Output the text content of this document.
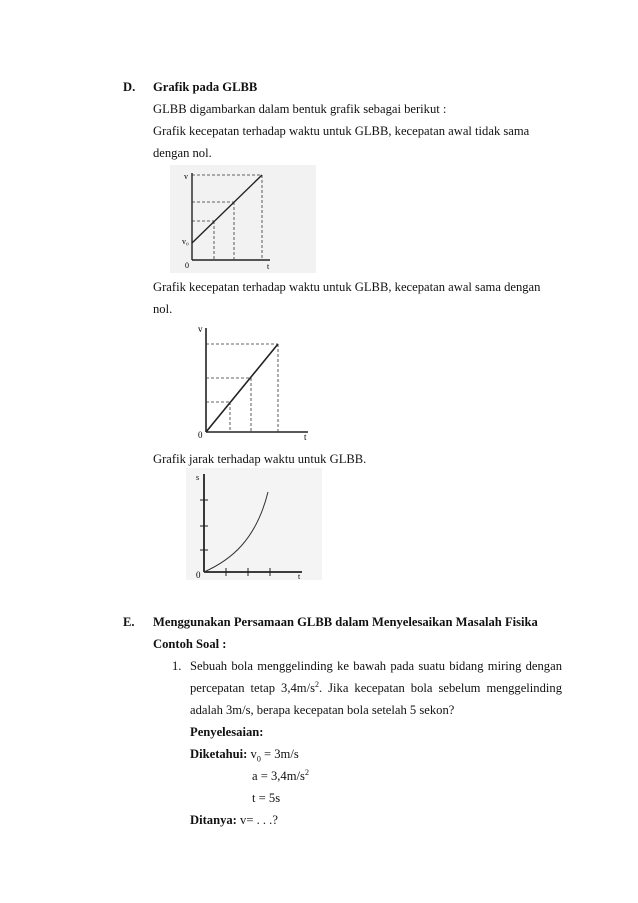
D. Grafik pada GLBB
GLBB digambarkan dalam bentuk grafik sebagai berikut :
Grafik kecepatan terhadap waktu untuk GLBB, kecepatan awal tidak sama
dengan nol.
v
v₀
0	t
Grafik kecepatan terhadap waktu untuk GLBB, kecepatan awal sama dengan
nol.
v
0	t
Grafik jarak terhadap waktu untuk GLBB.
s
0	t
E. Menggunakan Persamaan GLBB dalam Menyelesaikan Masalah Fisika
Contoh Soal :
1. Sebuah bola menggelinding ke bawah pada suatu bidang miring dengan
percepatan tetap $3,4m/s^2$. Jika kecepatan bola sebelum menggelinding
adalah 3m/s, berapa kecepatan bola setelah 5 sekon?
Penyelesaian:
Diketahui: $v_0 = 3m/s$
$a = 3,4m/s^2$
t = 5s
Ditanya: v= . . .?
